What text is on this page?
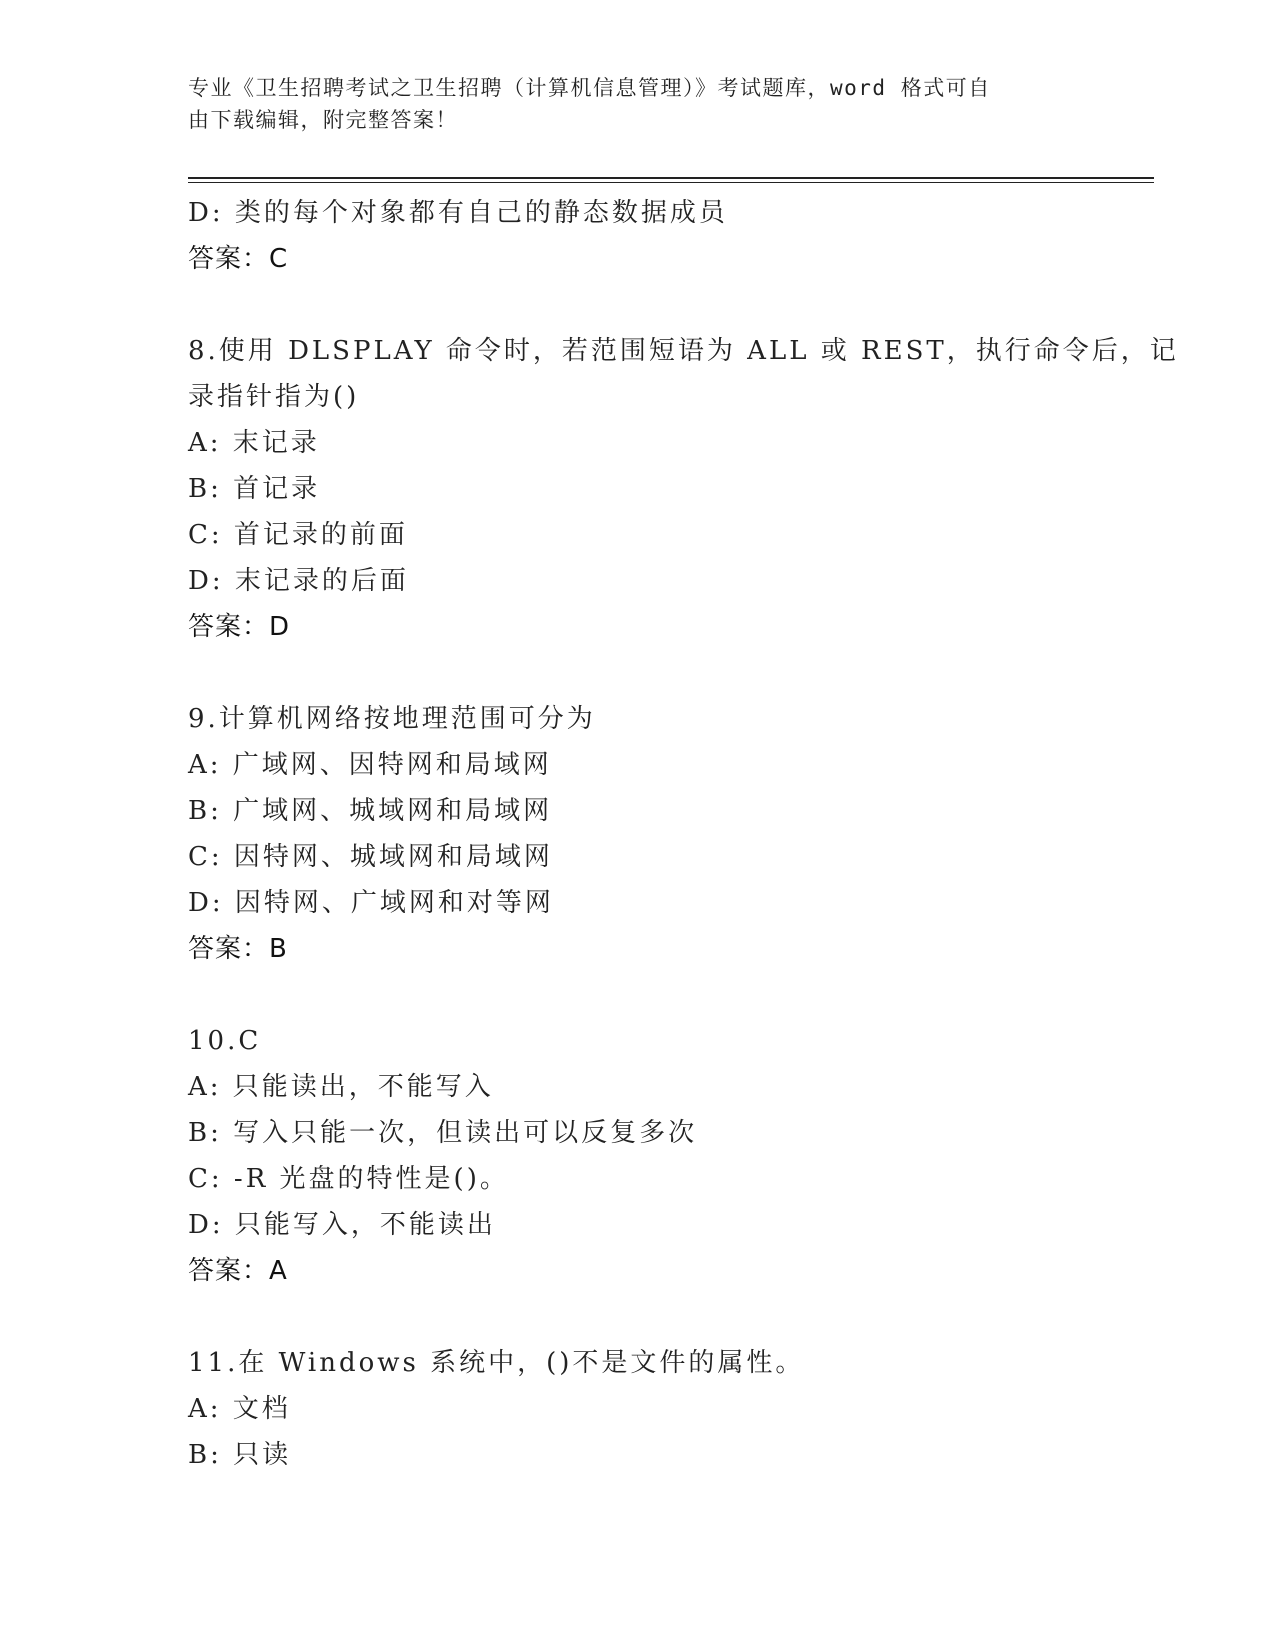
专业《卫生招聘考试之卫生招聘（计算机信息管理）》考试题库，word 格式可自
由下载编辑，附完整答案！
D: 类的每个对象都有自己的静态数据成员
答案：C
8.使用 DLSPLAY 命令时，若范围短语为 ALL 或 REST，执行命令后，记
录指针指为()
A: 末记录
B: 首记录
C: 首记录的前面
D: 末记录的后面
答案：D
9.计算机网络按地理范围可分为
A: 广域网、因特网和局域网
B: 广域网、城域网和局域网
C: 因特网、城域网和局域网
D: 因特网、广域网和对等网
答案：B
10.C
A: 只能读出，不能写入
B: 写入只能一次，但读出可以反复多次
C: -R 光盘的特性是()。
D: 只能写入，不能读出
答案：A
11.在 Windows 系统中，()不是文件的属性。
A: 文档
B: 只读
